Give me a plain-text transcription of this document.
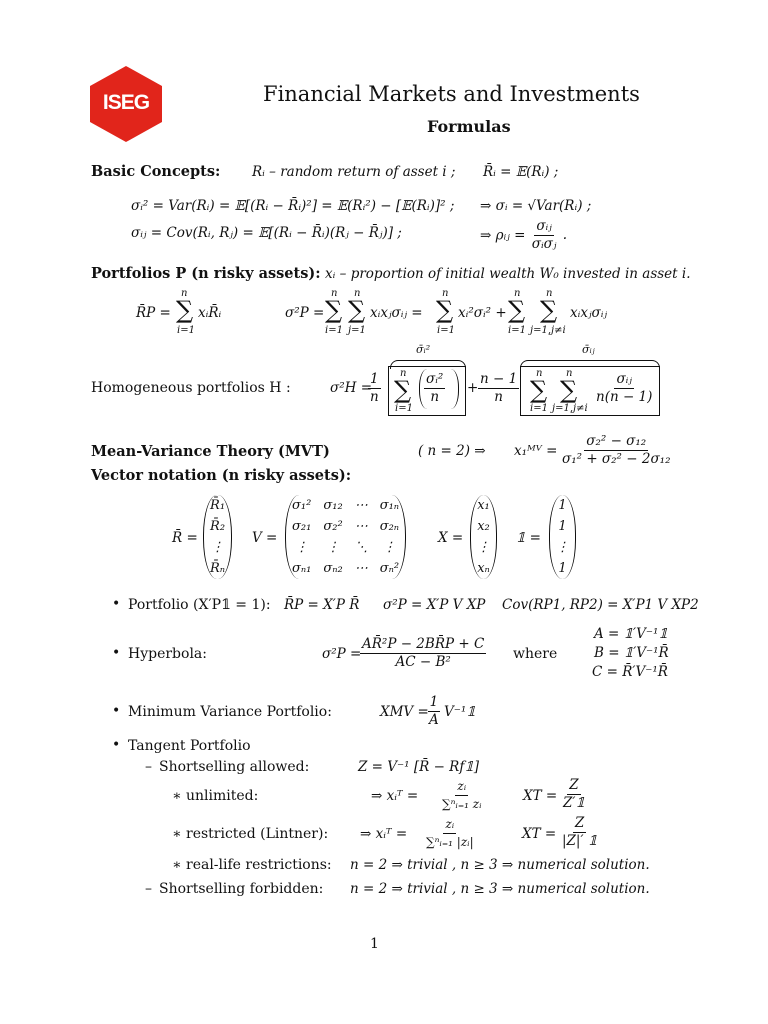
ISEG	Financial Markets and Investments
Formulas
Basic Concepts: Rᵢ – random return of asset i ; R̄ᵢ = 𝔼(Rᵢ) ;
σᵢ² = Var(Rᵢ) = 𝔼[(Rᵢ − R̄ᵢ)²] = 𝔼(Rᵢ²) − [𝔼(Rᵢ)]² ; ⇒ σᵢ = √Var(Rᵢ) ;
σᵢⱼ = Cov(Rᵢ, Rⱼ) = 𝔼[(Rᵢ − R̄ᵢ)(Rⱼ − R̄ⱼ)] ;	⇒ ρᵢⱼ = $\frac{\text{σᵢⱼ}}{\text{σᵢσⱼ}}$ .
Portfolios P (n risky assets): xᵢ – proportion of initial wealth W₀ invested in asset i.
R̄P =
n
∑
i=1
xᵢR̄ᵢ	σ²P =
n
∑
i=1
n
∑
j=1
xᵢxⱼσᵢⱼ =
n
∑
i=1
xᵢ²σᵢ² +
n
∑
i=1
n
∑
j=1,j≠i
xᵢxⱼσᵢⱼ
Homogeneous portfolios H :	σ²H =
$\frac{1}{n}$
σ̄ᵢ²
n
∑
i=1
$\frac{\text{σᵢ²}}{n} + \frac{n - 1}{n}$
σ̄ᵢⱼ
n
∑
i=1
n
∑
j=1,j≠i
σᵢⱼ
n(n − 1)
Mean-Variance Theory (MVT)	( n = 2) ⇒ x₁ᴹⱽ = $\frac{\text{σ₂² − σ₁₂}}{\text{σ₁² + σ₂² − 2σ₁₂}}$
Vector notation (n risky assets):
R̄ =
R̄₁
R̄₂
⋮
R̄ₙ
V =
σ₁²	σ₁₂	⋯	σ₁ₙ
σ₂₁	σ₂²	⋯	σ₂ₙ
⋮	⋮	⋱	⋮
σₙ₁	σₙ₂	⋯	σₙ²
X =
x₁
x₂
⋮
xₙ
𝟙 =
1
1
⋮
1
• Portfolio (X′P𝟙 = 1): R̄P = X′P R̄ σ²P = X′P V XP Cov(RP1, RP2) = X′P1 V XP2
• Hyperbola:	σ²P =
$\frac{\text{AR̄²P − 2BR̄P + C}}{\text{AC − B²}}$ where
A = 𝟙′V⁻¹𝟙
B = 𝟙′V⁻¹R̄
C = R̄′V⁻¹R̄
• Minimum Variance Portfolio:	XMV =
$\frac{1}{A}$ V⁻¹𝟙
• Tangent Portfolio
– Shortselling allowed:	Z = V⁻¹ [R̄ − Rf𝟙]
∗ unlimited:	⇒ xᵢᵀ = $\frac{\text{zᵢ}}{\text{∑ⁿᵢ₌₁ zᵢ}}$	XT = $\frac{Z}{Z'𝟙}$
∗ restricted (Lintner): ⇒ xᵢᵀ = $\frac{\text{zᵢ}}{\text{∑ⁿᵢ₌₁ |zᵢ|}}$	XT = $\frac{Z}{|Z|' 𝟙}$
∗ real-life restrictions: n = 2 ⇒ trivial , n ≥ 3 ⇒ numerical solution.
– Shortselling forbidden: n = 2 ⇒ trivial , n ≥ 3 ⇒ numerical solution.
1
